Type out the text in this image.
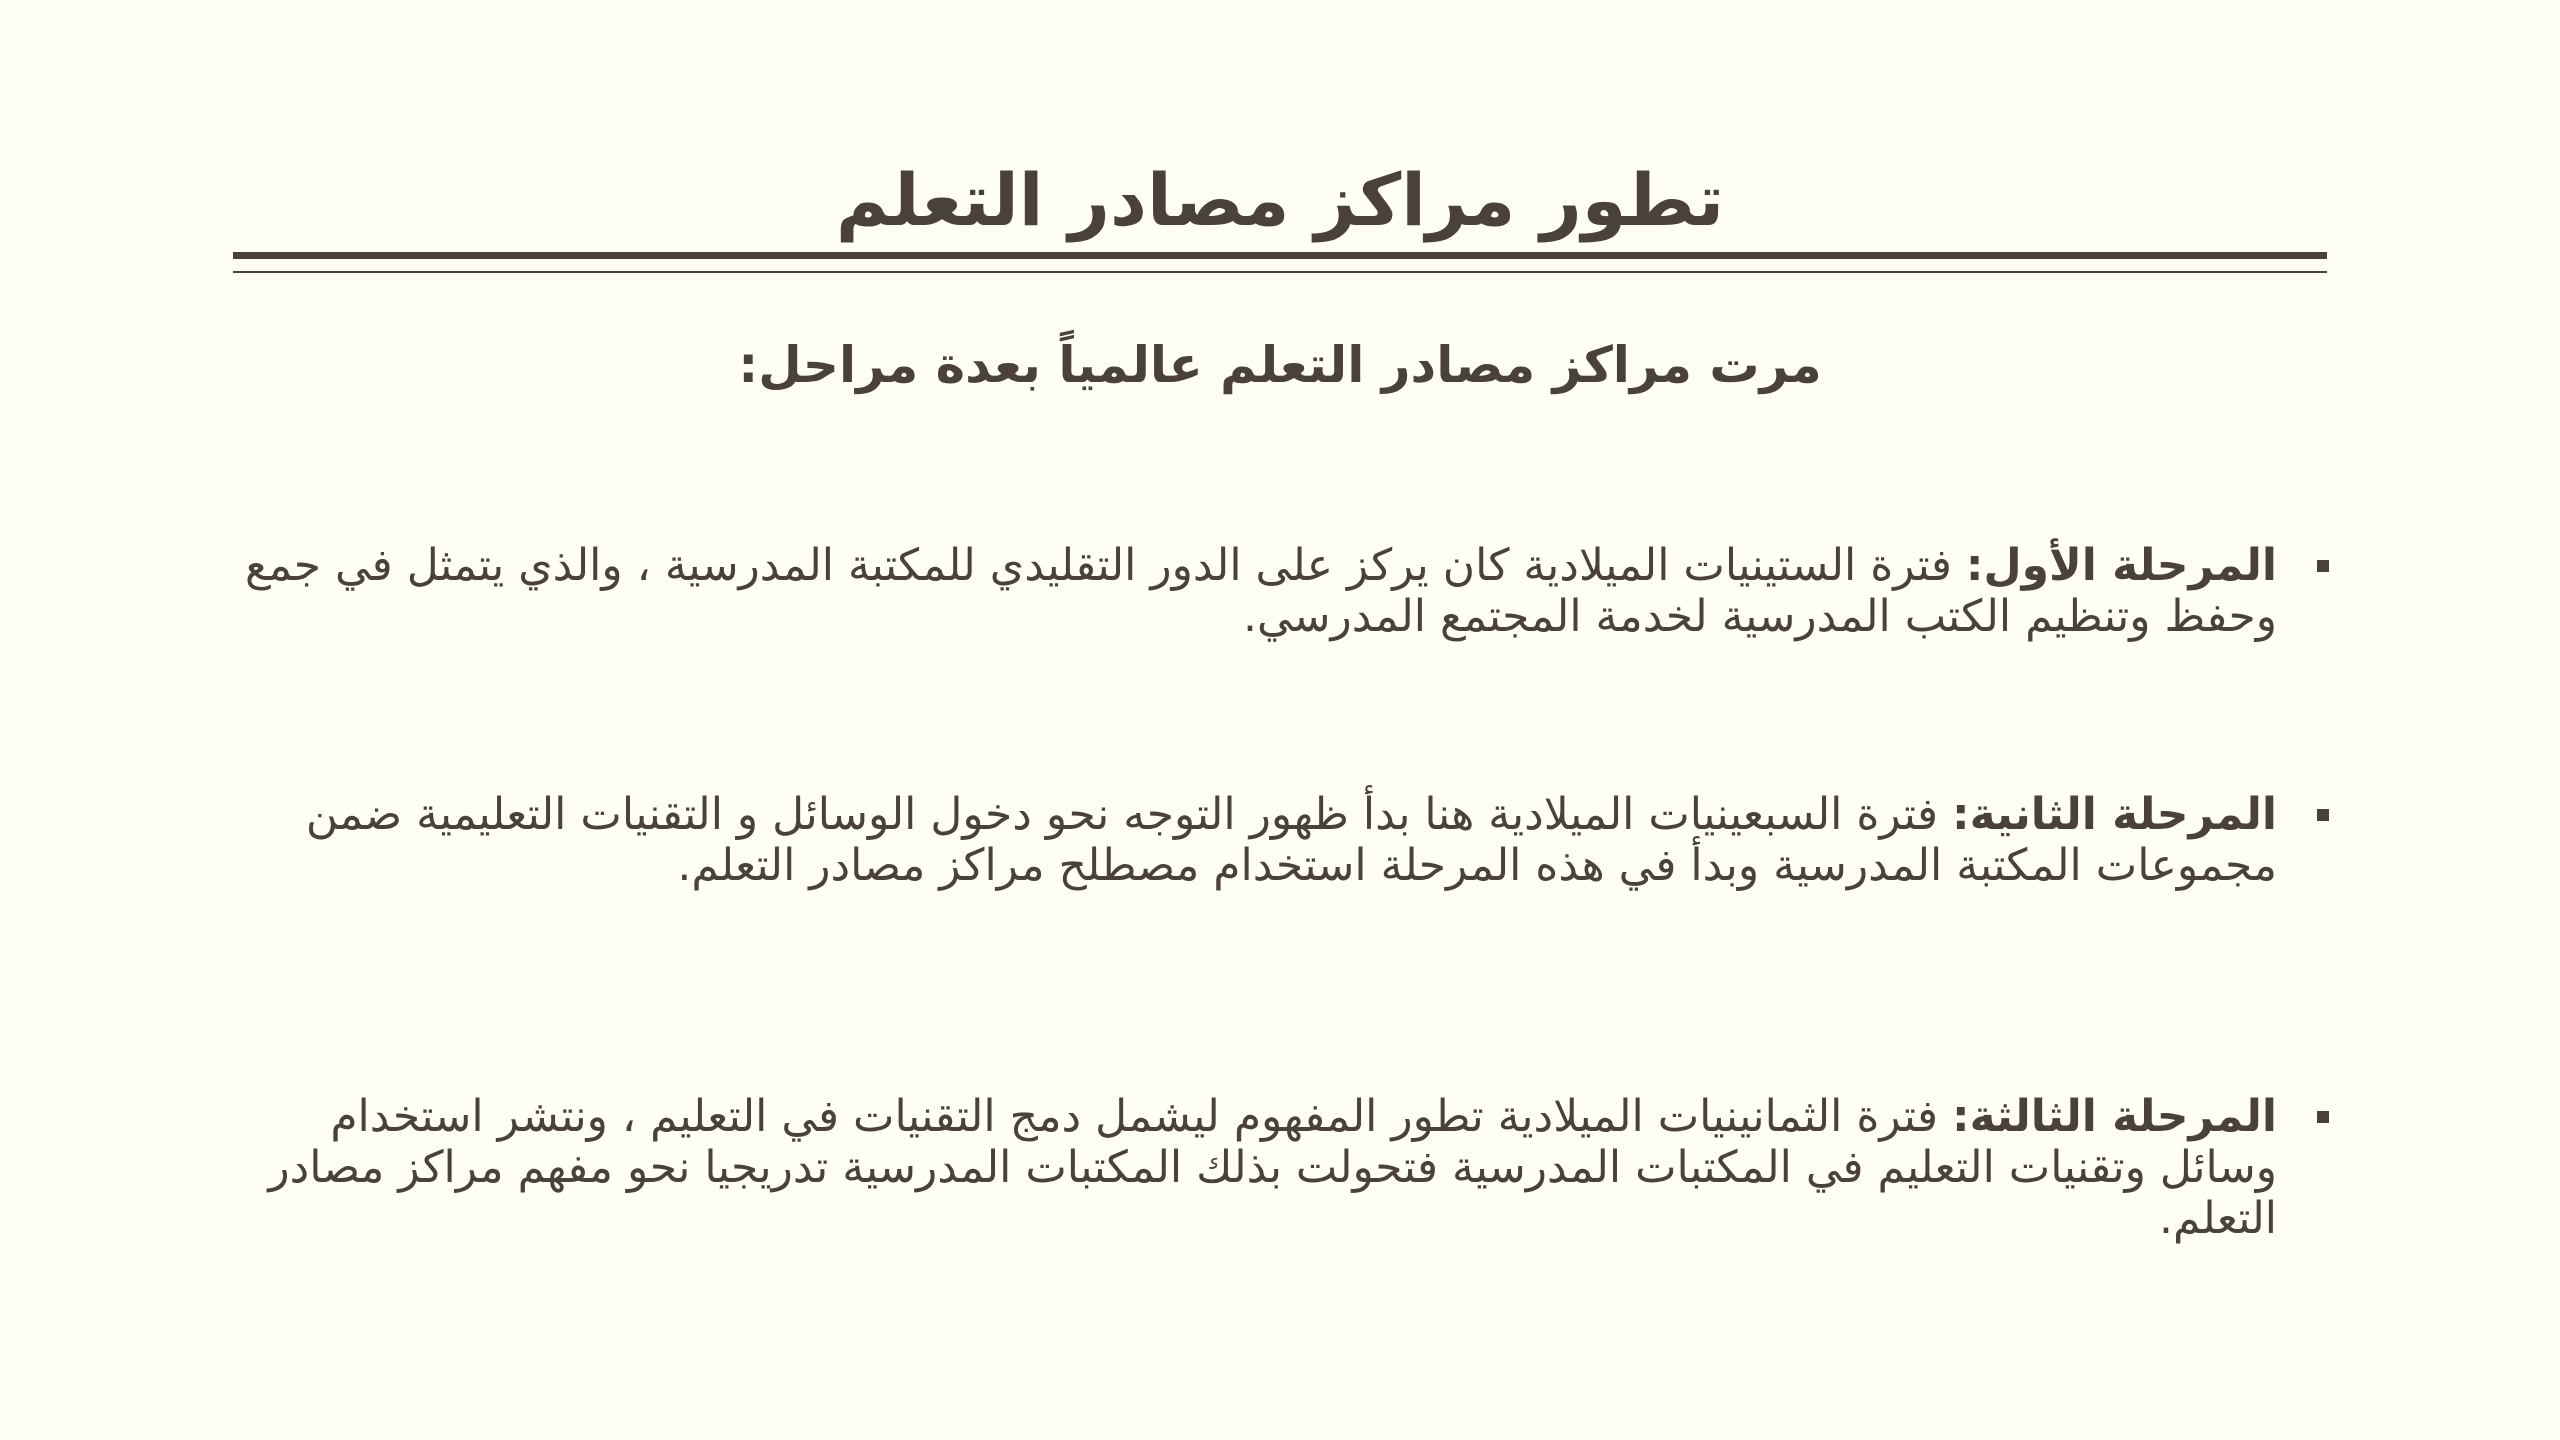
تطور مراكز مصادر التعلم

مرت مراكز مصادر التعلم عالمياً بعدة مراحل:

المرحلة الأول: فترة الستينيات الميلادية كان يركز على الدور التقليدي للمكتبة المدرسية ، والذي يتمثل في جمع وحفظ وتنظيم الكتب المدرسية لخدمة المجتمع المدرسي.
المرحلة الثانية: فترة السبعينيات الميلادية هنا بدأ ظهور التوجه نحو دخول الوسائل و التقنيات التعليمية ضمن مجموعات المكتبة المدرسية وبدأ في هذه المرحلة استخدام مصطلح مراكز مصادر التعلم.
المرحلة الثالثة: فترة الثمانينيات الميلادية تطور المفهوم ليشمل دمج التقنيات في التعليم ، ونتشر استخدام وسائل وتقنيات التعليم في المكتبات المدرسية فتحولت بذلك المكتبات المدرسية تدريجيا نحو مفهم مراكز مصادر التعلم.
